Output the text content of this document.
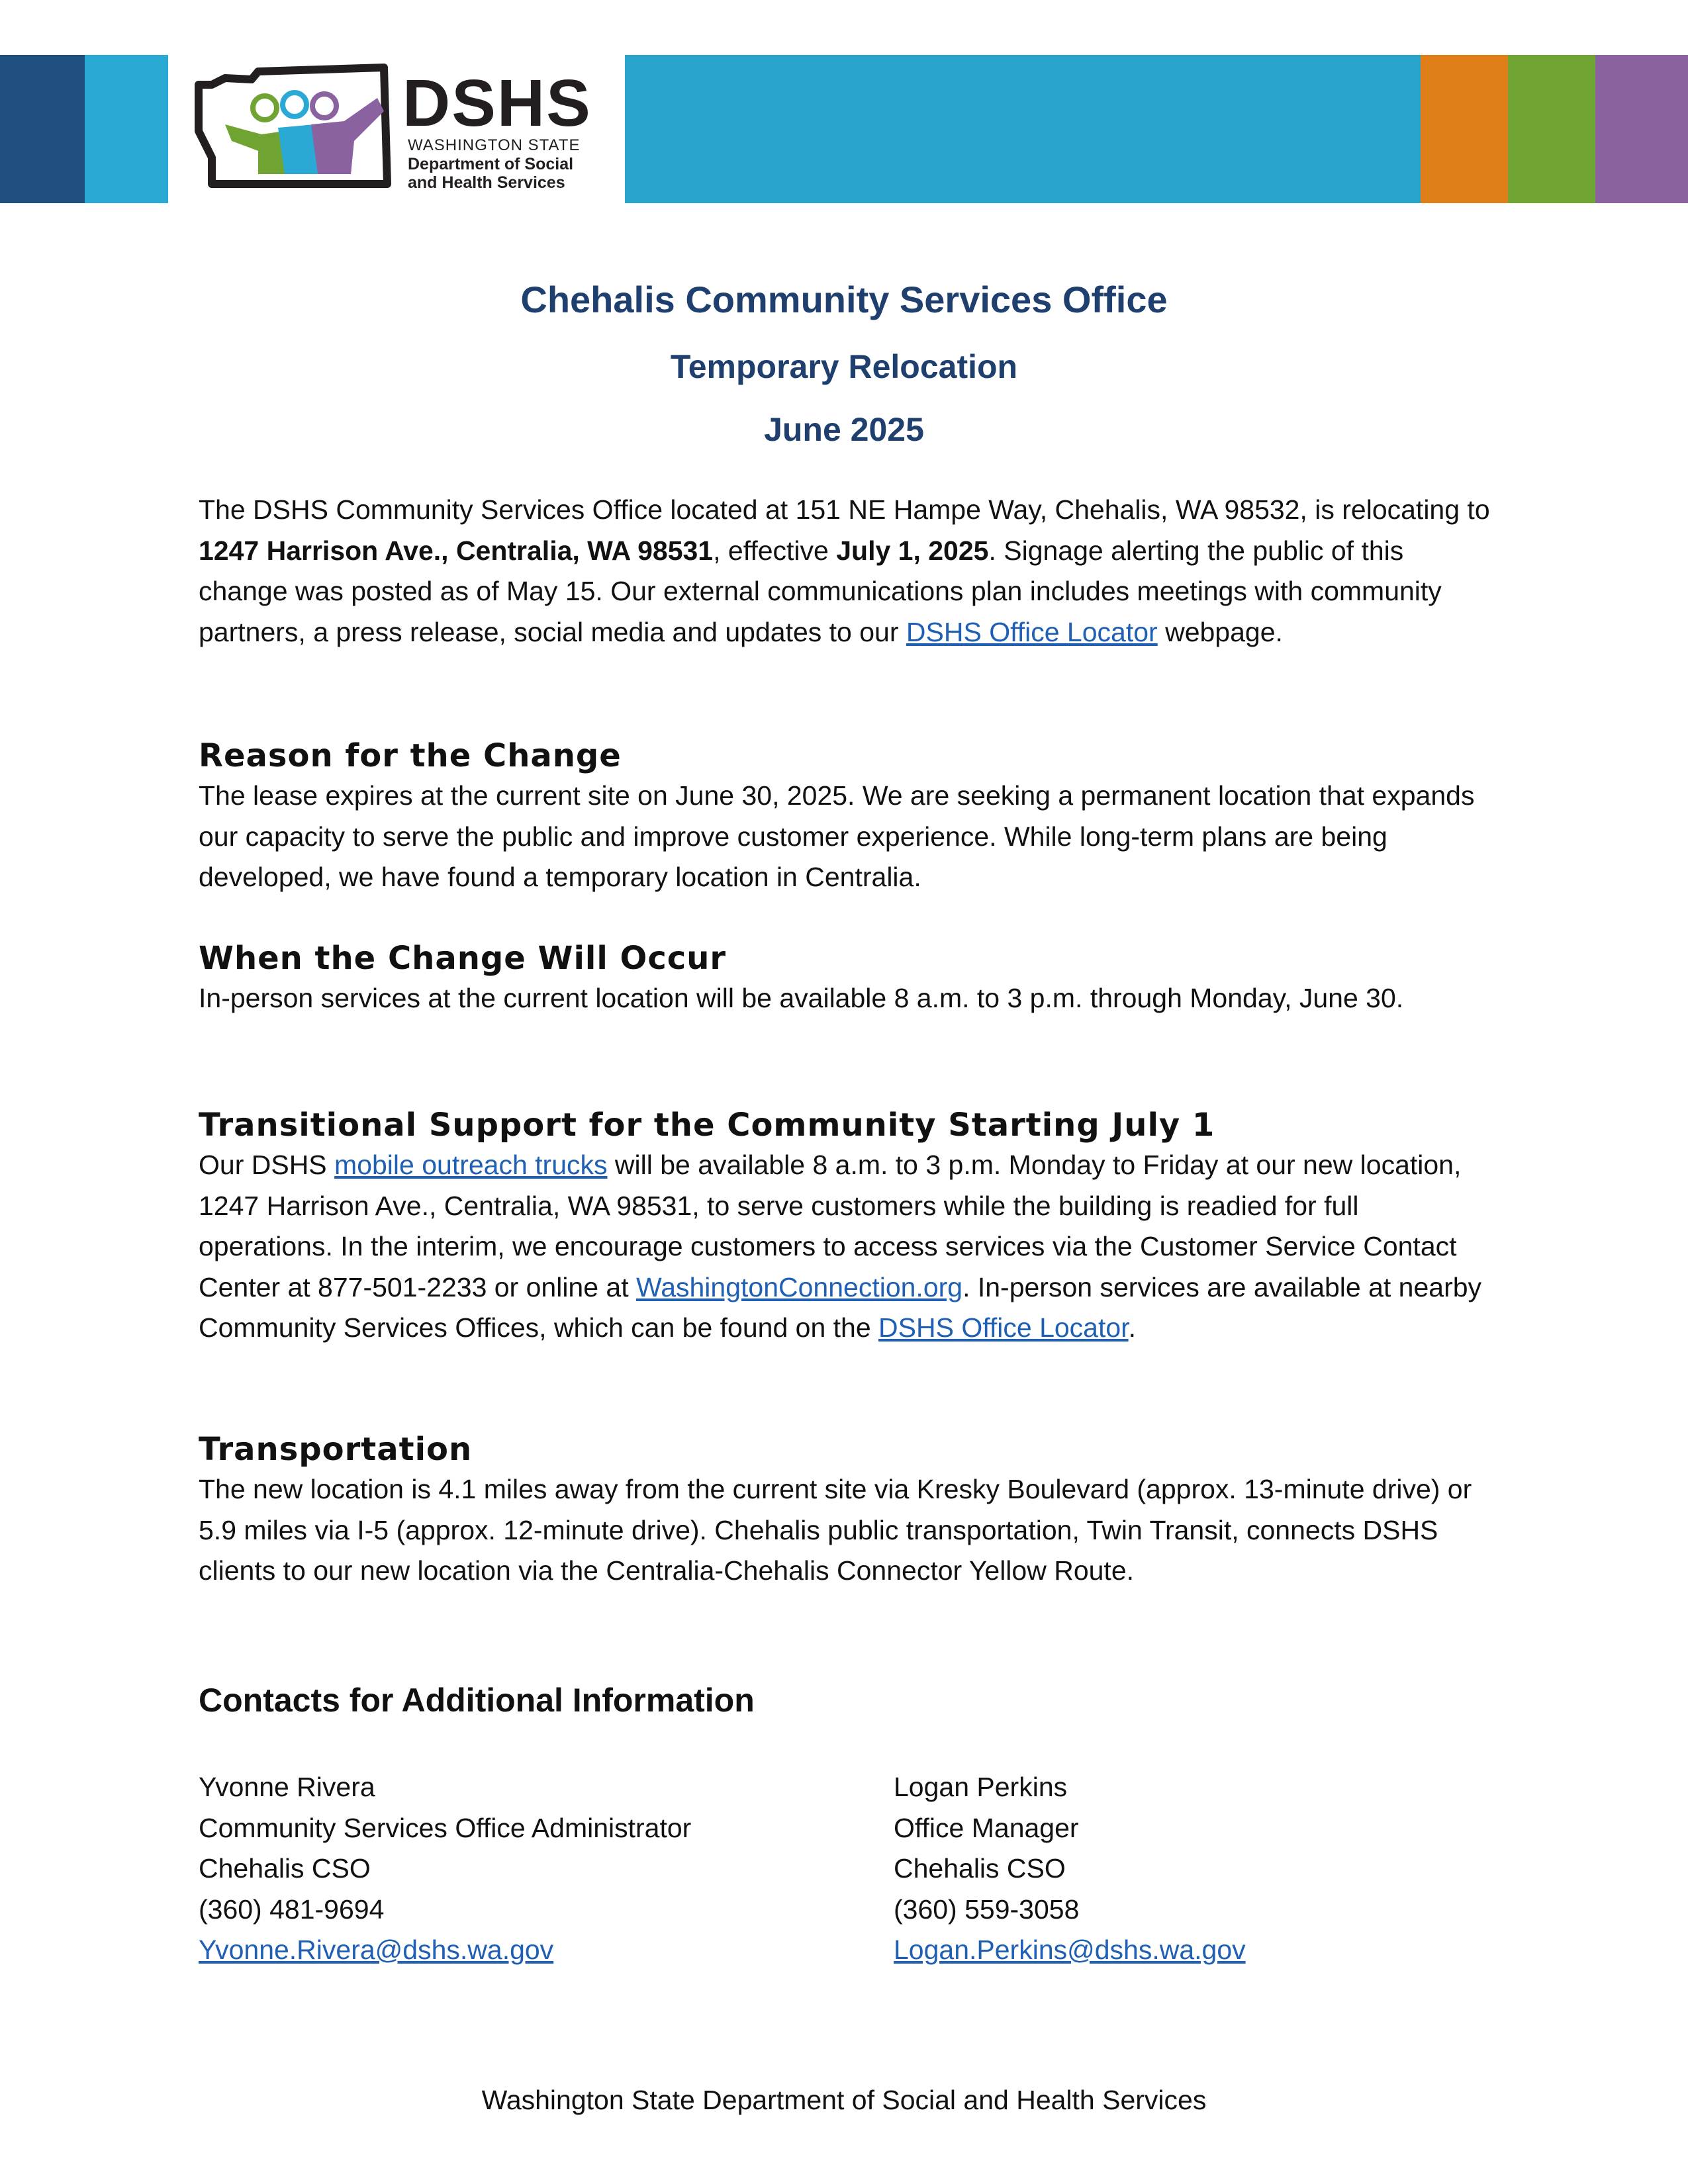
DSHS
WASHINGTON STATE
Department of Social
and Health Services
Chehalis Community Services Office
Temporary Relocation
June 2025

The DSHS Community Services Office located at 151 NE Hampe Way, Chehalis, WA 98532, is relocating to 1247 Harrison Ave., Centralia, WA 98531, effective July 1, 2025. Signage alerting the public of this change was posted as of May 15. Our external communications plan includes meetings with community partners, a press release, social media and updates to our DSHS Office Locator webpage.

Reason for the Change

The lease expires at the current site on June 30, 2025. We are seeking a permanent location that expands our capacity to serve the public and improve customer experience. While long-term plans are being developed, we have found a temporary location in Centralia.

When the Change Will Occur

In-person services at the current location will be available 8 a.m. to 3 p.m. through Monday, June 30.

Transitional Support for the Community Starting July 1

Our DSHS mobile outreach trucks will be available 8 a.m. to 3 p.m. Monday to Friday at our new location, 1247 Harrison Ave., Centralia, WA 98531, to serve customers while the building is readied for full operations. In the interim, we encourage customers to access services via the Customer Service Contact Center at 877-501-2233 or online at WashingtonConnection.org. In-person services are available at nearby Community Services Offices, which can be found on the DSHS Office Locator.

Transportation

The new location is 4.1 miles away from the current site via Kresky Boulevard (approx. 13-minute drive) or 5.9 miles via I-5 (approx. 12-minute drive). Chehalis public transportation, Twin Transit, connects DSHS clients to our new location via the Centralia-Chehalis Connector Yellow Route.

Contacts for Additional Information
Yvonne Rivera
Community Services Office Administrator
Chehalis CSO
(360) 481-9694
Yvonne.Rivera@dshs.wa.gov
Logan Perkins
Office Manager
Chehalis CSO
(360) 559-3058
Logan.Perkins@dshs.wa.gov
Washington State Department of Social and Health Services
